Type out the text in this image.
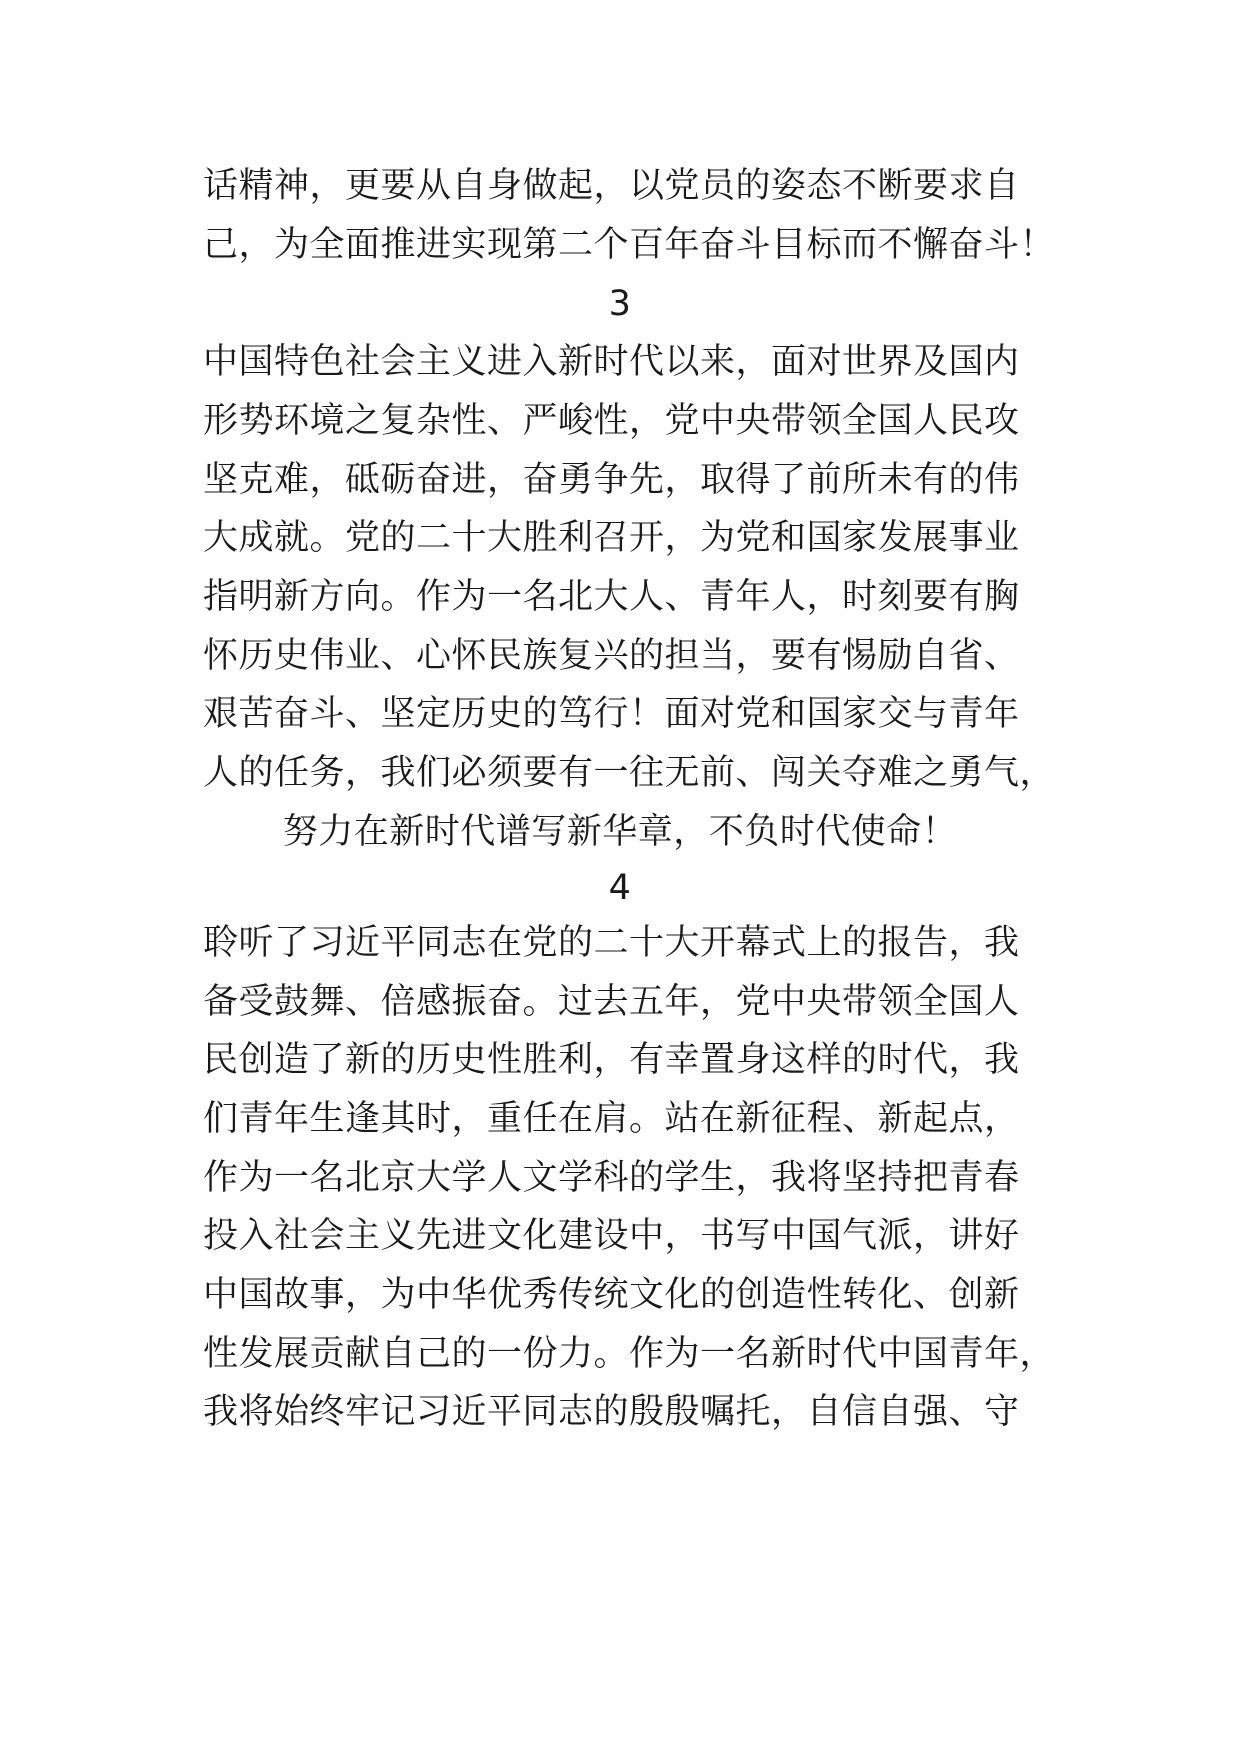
话精神，更要从自身做起，以党员的姿态不断要求自
己，为全面推进实现第二个百年奋斗目标而不懈奋斗！
3
中国特色社会主义进入新时代以来，面对世界及国内
形势环境之复杂性、严峻性，党中央带领全国人民攻
坚克难，砥砺奋进，奋勇争先，取得了前所未有的伟
大成就。党的二十大胜利召开，为党和国家发展事业
指明新方向。作为一名北大人、青年人，时刻要有胸
怀历史伟业、心怀民族复兴的担当，要有惕励自省、
艰苦奋斗、坚定历史的笃行！面对党和国家交与青年
人的任务，我们必须要有一往无前、闯关夺难之勇气，
努力在新时代谱写新华章，不负时代使命！
4
聆听了习近平同志在党的二十大开幕式上的报告，我
备受鼓舞、倍感振奋。过去五年，党中央带领全国人
民创造了新的历史性胜利，有幸置身这样的时代，我
们青年生逢其时，重任在肩。站在新征程、新起点，
作为一名北京大学人文学科的学生，我将坚持把青春
投入社会主义先进文化建设中，书写中国气派，讲好
中国故事，为中华优秀传统文化的创造性转化、创新
性发展贡献自己的一份力。作为一名新时代中国青年，
我将始终牢记习近平同志的殷殷嘱托，自信自强、守
